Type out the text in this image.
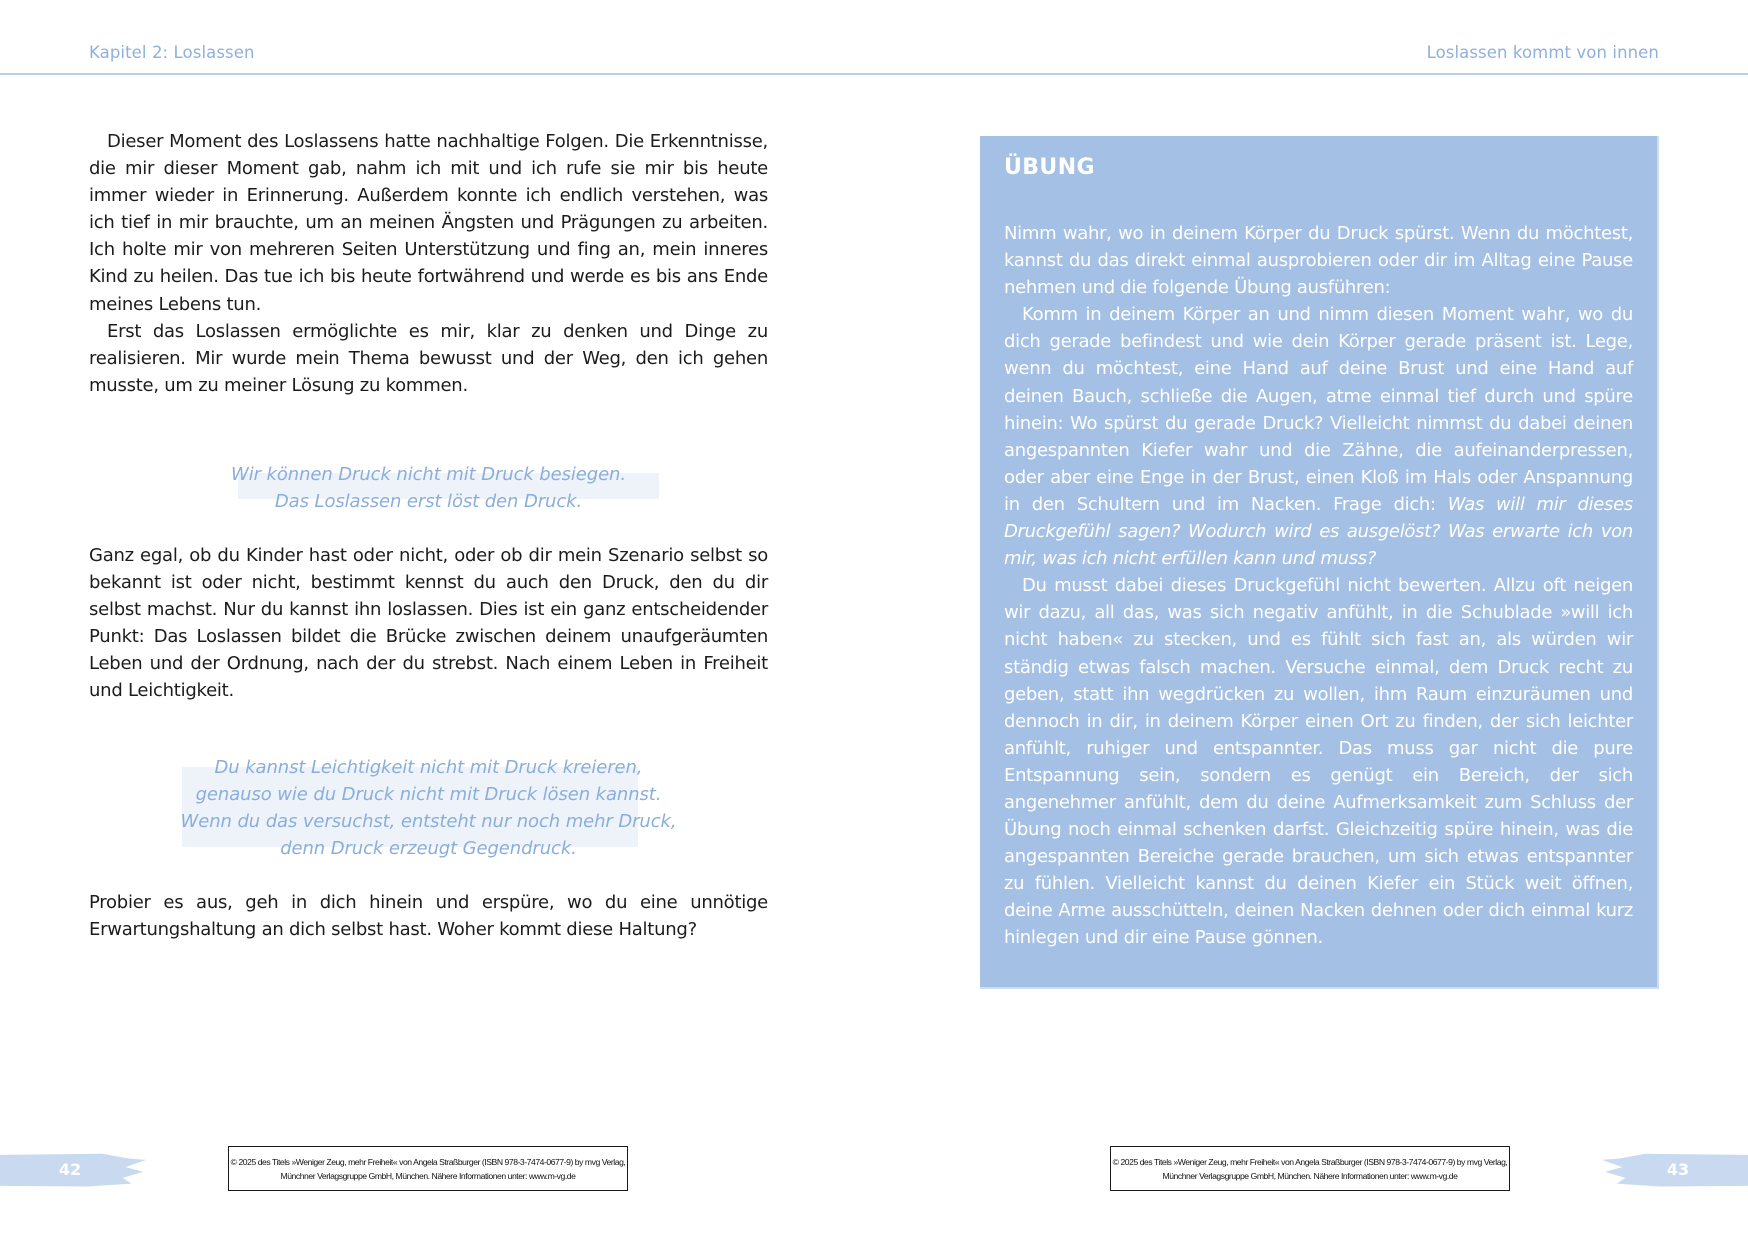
Kapitel 2: Loslassen	Loslassen kommt von innen

Dieser Moment des Loslassens hatte nachhaltige Folgen. Die Erkenntnisse, die mir dieser Moment gab, nahm ich mit und ich rufe sie mir bis heute immer wieder in Erinnerung. Außerdem konnte ich endlich verstehen, was ich tief in mir brauchte, um an meinen Ängsten und Prägungen zu arbeiten. Ich holte mir von mehreren Seiten Unterstützung und fing an, mein inneres Kind zu heilen. Das tue ich bis heute fortwährend und werde es bis ans Ende meines Lebens tun.

Erst das Loslassen ermöglichte es mir, klar zu denken und Dinge zu realisieren. Mir wurde mein Thema bewusst und der Weg, den ich gehen musste, um zu meiner Lösung zu kommen.

Wir können Druck nicht mit Druck besiegen.
Das Loslassen erst löst den Druck.

Ganz egal, ob du Kinder hast oder nicht, oder ob dir mein Szenario selbst so bekannt ist oder nicht, bestimmt kennst du auch den Druck, den du dir selbst machst. Nur du kannst ihn loslassen. Dies ist ein ganz entscheidender Punkt: Das Loslassen bildet die Brücke zwischen deinem unaufgeräumten Leben und der Ordnung, nach der du strebst. Nach einem Leben in Freiheit und Leichtigkeit.

Du kannst Leichtigkeit nicht mit Druck kreieren,
genauso wie du Druck nicht mit Druck lösen kannst.
Wenn du das versuchst, entsteht nur noch mehr Druck,
denn Druck erzeugt Gegendruck.

Probier es aus, geh in dich hinein und erspüre, wo du eine unnötige Erwartungshaltung an dich selbst hast. Woher kommt diese Haltung?

ÜBUNG

Nimm wahr, wo in deinem Körper du Druck spürst. Wenn du möchtest, kannst du das direkt einmal ausprobieren oder dir im Alltag eine Pause nehmen und die folgende Übung ausführen:

Komm in deinem Körper an und nimm diesen Moment wahr, wo du dich gerade befindest und wie dein Körper gerade präsent ist. Lege, wenn du möchtest, eine Hand auf deine Brust und eine Hand auf deinen Bauch, schließe die Augen, atme einmal tief durch und spüre hinein: Wo spürst du gerade Druck? Vielleicht nimmst du dabei deinen angespannten Kiefer wahr und die Zähne, die aufeinanderpressen, oder aber eine Enge in der Brust, einen Kloß im Hals oder Anspannung in den Schultern und im Nacken. Frage dich: Was will mir dieses Druckgefühl sagen? Wodurch wird es ausgelöst? Was erwarte ich von mir, was ich nicht erfüllen kann und muss?

Du musst dabei dieses Druckgefühl nicht bewerten. Allzu oft neigen wir dazu, all das, was sich negativ anfühlt, in die Schublade »will ich nicht haben« zu stecken, und es fühlt sich fast an, als würden wir ständig etwas falsch machen. Versuche einmal, dem Druck recht zu geben, statt ihn wegdrücken zu wollen, ihm Raum einzuräumen und dennoch in dir, in deinem Körper einen Ort zu finden, der sich leichter anfühlt, ruhiger und entspannter. Das muss gar nicht die pure Entspannung sein, sondern es genügt ein Bereich, der sich angenehmer anfühlt, dem du deine Aufmerksamkeit zum Schluss der Übung noch einmal schenken darfst. Gleichzeitig spüre hinein, was die angespannten Bereiche gerade brauchen, um sich etwas entspannter zu fühlen. Vielleicht kannst du deinen Kiefer ein Stück weit öffnen, deine Arme ausschütteln, deinen Nacken dehnen oder dich einmal kurz hinlegen und dir eine Pause gönnen.

42	© 2025 des Titels »Weniger Zeug, mehr Freiheit« von Angela Straßburger (ISBN 978-3-7474-0677-9) by mvg Verlag,
Münchner Verlagsgruppe GmbH, München. Nähere Informationen unter: www.m-vg.de
© 2025 des Titels »Weniger Zeug, mehr Freiheit« von Angela Straßburger (ISBN 978-3-7474-0677-9) by mvg Verlag,
Münchner Verlagsgruppe GmbH, München. Nähere Informationen unter: www.m-vg.de	43
